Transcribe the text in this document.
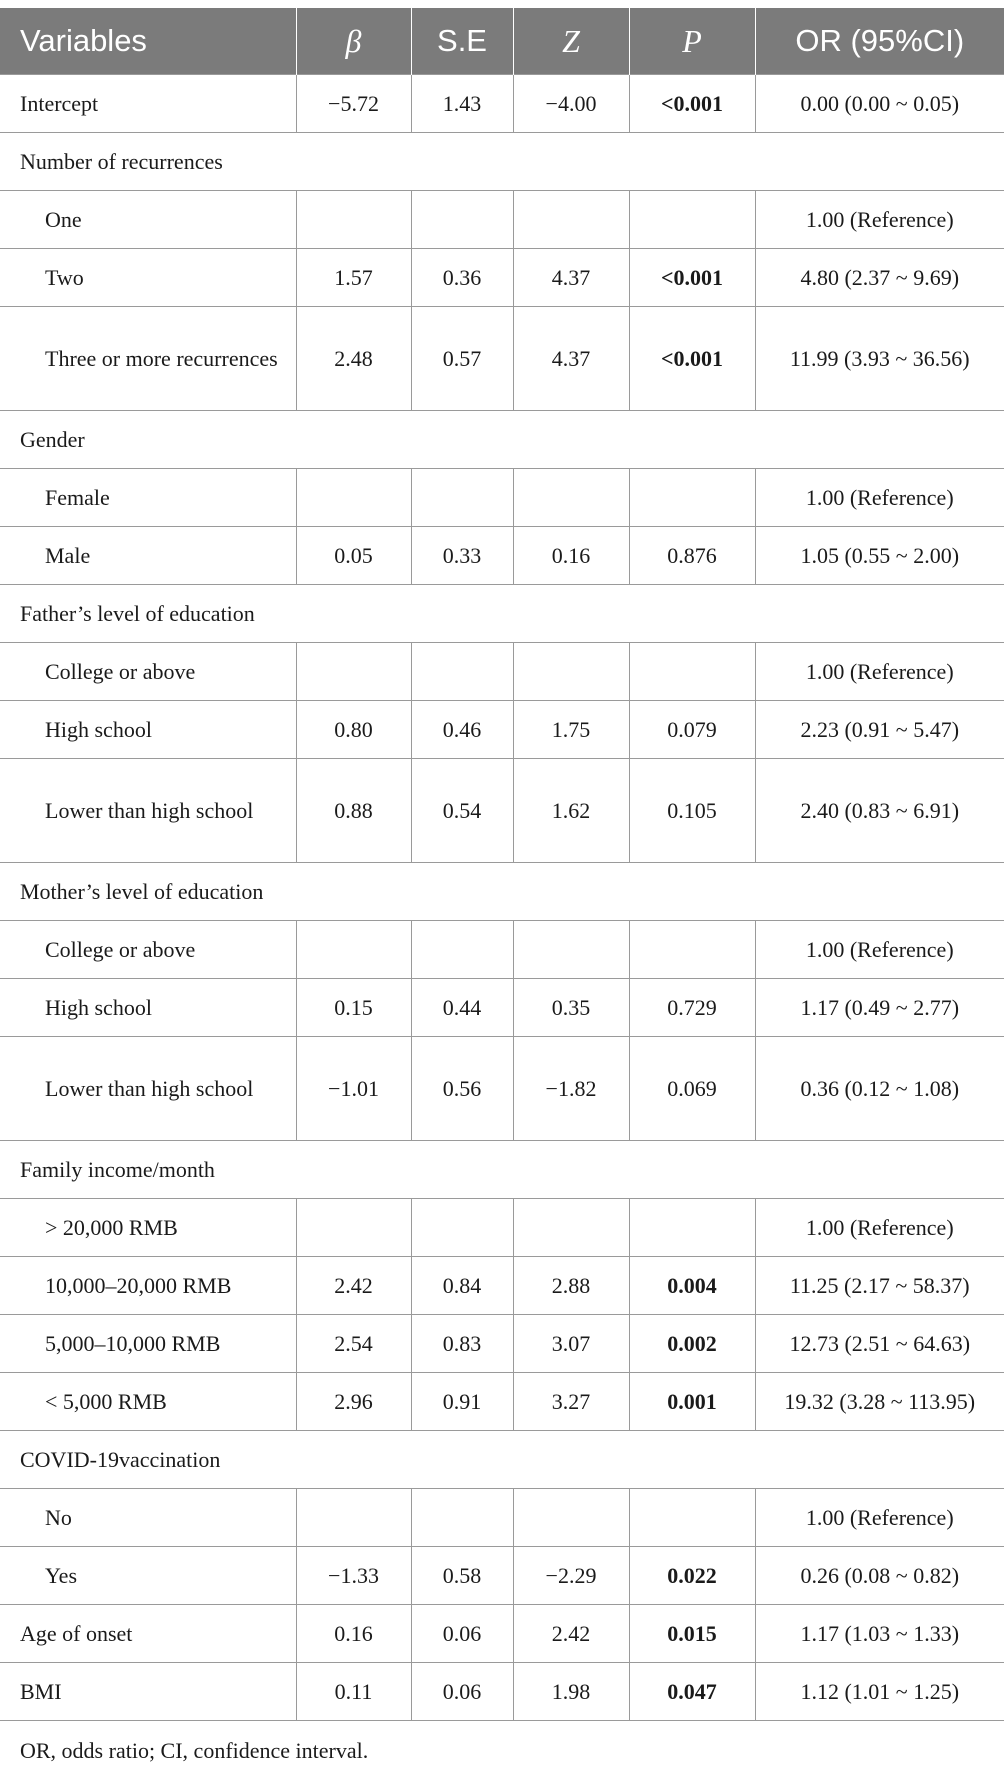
Variables	β	S.E	Z	P	OR (95%CI)
Intercept	−5.72	1.43	−4.00	<0.001	0.00 (0.00 ~ 0.05)
Number of recurrences					
One					1.00 (Reference)
Two	1.57	0.36	4.37	<0.001	4.80 (2.37 ~ 9.69)
Three or more recurrences	2.48	0.57	4.37	<0.001	11.99 (3.93 ~ 36.56)
Gender					
Female					1.00 (Reference)
Male	0.05	0.33	0.16	0.876	1.05 (0.55 ~ 2.00)
Father’s level of education					
College or above					1.00 (Reference)
High school	0.80	0.46	1.75	0.079	2.23 (0.91 ~ 5.47)
Lower than high school	0.88	0.54	1.62	0.105	2.40 (0.83 ~ 6.91)
Mother’s level of education					
College or above					1.00 (Reference)
High school	0.15	0.44	0.35	0.729	1.17 (0.49 ~ 2.77)
Lower than high school	−1.01	0.56	−1.82	0.069	0.36 (0.12 ~ 1.08)
Family income/month					
> 20,000 RMB					1.00 (Reference)
10,000–20,000 RMB	2.42	0.84	2.88	0.004	11.25 (2.17 ~ 58.37)
5,000–10,000 RMB	2.54	0.83	3.07	0.002	12.73 (2.51 ~ 64.63)
< 5,000 RMB	2.96	0.91	3.27	0.001	19.32 (3.28 ~ 113.95)
COVID-19vaccination					
No					1.00 (Reference)
Yes	−1.33	0.58	−2.29	0.022	0.26 (0.08 ~ 0.82)
Age of onset	0.16	0.06	2.42	0.015	1.17 (1.03 ~ 1.33)
BMI	0.11	0.06	1.98	0.047	1.12 (1.01 ~ 1.25)
OR, odds ratio; CI, confidence interval.
